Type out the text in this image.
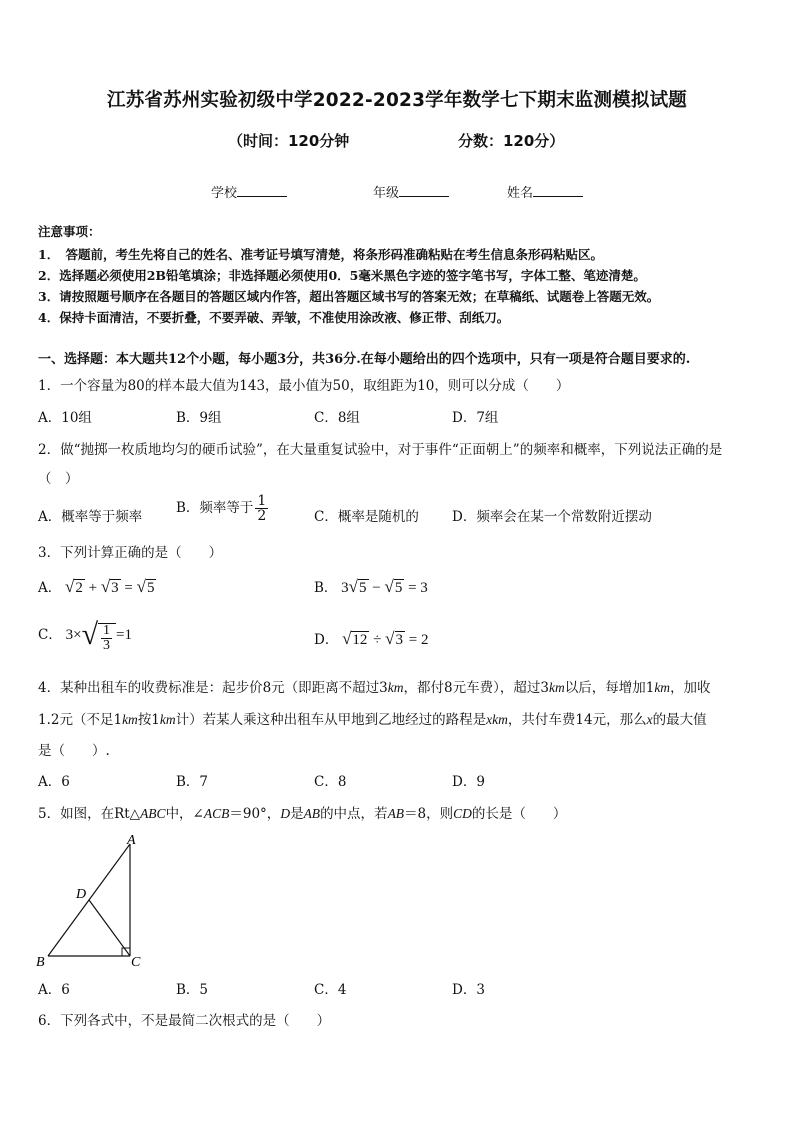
江苏省苏州实验初级中学2022-2023学年数学七下期末监测模拟试题
（时间：120分钟	分数：120分）
学校	年级	姓名
注意事项：
1．　答题前，考生先将自己的姓名、准考证号填写清楚，将条形码准确粘贴在考生信息条形码粘贴区。
2．选择题必须使用2B铅笔填涂；非选择题必须使用0．5毫米黑色字迹的签字笔书写，字体工整、笔迹清楚。
3．请按照题号顺序在各题目的答题区域内作答，超出答题区域书写的答案无效；在草稿纸、试题卷上答题无效。
4．保持卡面清洁，不要折叠，不要弄破、弄皱，不准使用涂改液、修正带、刮纸刀。
一、选择题：本大题共12个小题，每小题3分，共36分.在每小题给出的四个选项中，只有一项是符合题目要求的.
1．一个容量为80的样本最大值为143，最小值为50，取组距为10，则可以分成（　　）
A．10组	B．9组	C．8组	D．7组
2．做“抛掷一枚质地均匀的硬币试验”，在大量重复试验中，对于事件“正面朝上”的频率和概率，下列说法正确的是
（　）
A．概率等于频率
B．频率等于 $\frac{1}{2}$	C．概率是随机的 D．频率会在某一个常数附近摆动
3．下列计算正确的是（　　）
A． √2 + √3 = √5	B． 3√5 − √5 = 3
C． $3\times√ \frac{1}{3} =1$	D． √12 ÷ √3 = 2
4．某种出租车的收费标准是：起步价8元（即距离不超过3km，都付8元车费），超过3km以后，每增加1km，加收
1.2元（不足1km按1km计）若某人乘这种出租车从甲地到乙地经过的路程是xkm，共付车费14元，那么x的最大值
是（　　）.
A．6	B．7	C．8	D．9
5．如图，在Rt△ABC中，∠ACB＝90°，D是AB的中点，若AB＝8，则CD的长是（　　）
A
B	C
D
A．6	B．5	C．4	D．3
6．下列各式中，不是最简二次根式的是（　　）
